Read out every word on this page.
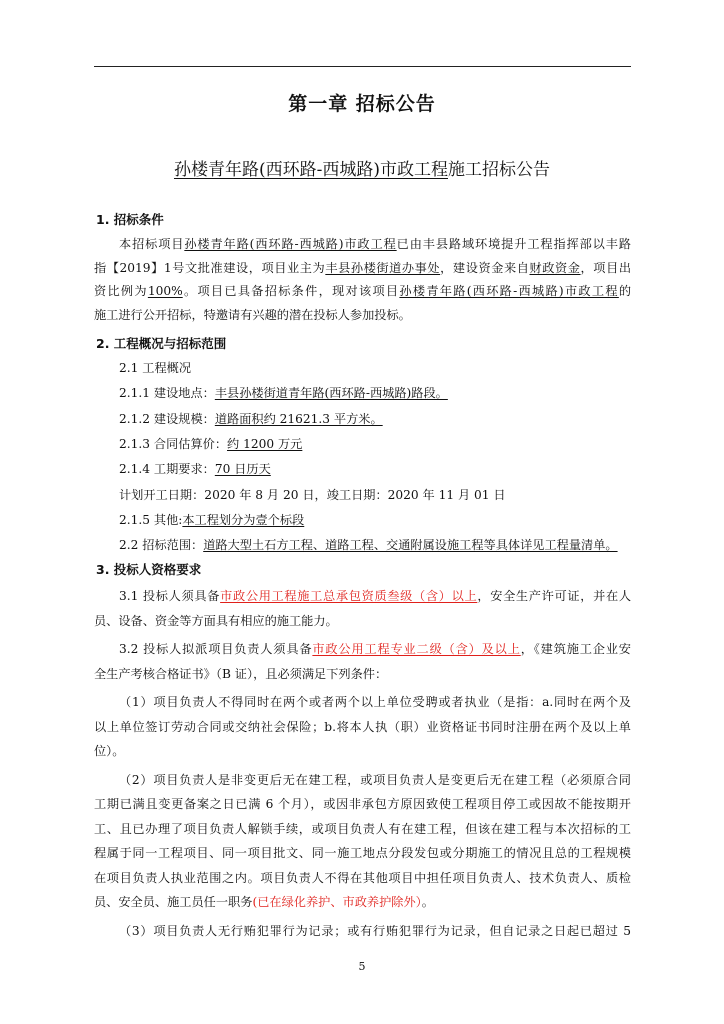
第一章 招标公告
孙楼青年路(西环路-西城路)市政工程施工招标公告
1. 招标条件

本招标项目孙楼青年路(西环路-西城路)市政工程已由丰县路域环境提升工程指挥部以丰路

指【2019】1号文批准建设，项目业主为丰县孙楼街道办事处，建设资金来自财政资金，项目出

资比例为100%。项目已具备招标条件，现对该项目孙楼青年路(西环路-西城路)市政工程的

施工进行公开招标，特邀请有兴趣的潜在投标人参加投标。

2. 工程概况与招标范围
2.1 工程概况
2.1.1 建设地点：丰县孙楼街道青年路(西环路-西城路)路段。
2.1.2 建设规模：道路面积约 21621.3 平方米。
2.1.3 合同估算价：约 1200 万元
2.1.4 工期要求：70 日历天
计划开工日期：2020 年 8 月 20 日，竣工日期：2020 年 11 月 01 日
2.1.5 其他:本工程划分为壹个标段
2.2 招标范围：道路大型土石方工程、道路工程、交通附属设施工程等具体详见工程量清单。
3. 投标人资格要求

3.1 投标人须具备市政公用工程施工总承包资质叁级（含）以上，安全生产许可证，并在人

员、设备、资金等方面具有相应的施工能力。

3.2 投标人拟派项目负责人须具备市政公用工程专业二级（含）及以上，《建筑施工企业安

全生产考核合格证书》（B 证），且必须满足下列条件：

（1）项目负责人不得同时在两个或者两个以上单位受聘或者执业（是指：a.同时在两个及

以上单位签订劳动合同或交纳社会保险；b.将本人执（职）业资格证书同时注册在两个及以上单

位）。

（2）项目负责人是非变更后无在建工程，或项目负责人是变更后无在建工程（必须原合同

工期已满且变更备案之日已满 6 个月），或因非承包方原因致使工程项目停工或因故不能按期开

工、且已办理了项目负责人解锁手续，或项目负责人有在建工程，但该在建工程与本次招标的工

程属于同一工程项目、同一项目批文、同一施工地点分段发包或分期施工的情况且总的工程规模

在项目负责人执业范围之内。项目负责人不得在其他项目中担任项目负责人、技术负责人、质检

员、安全员、施工员任一职务(已在绿化养护、市政养护除外）。

（3）项目负责人无行贿犯罪行为记录；或有行贿犯罪行为记录，但自记录之日起已超过 5

5
